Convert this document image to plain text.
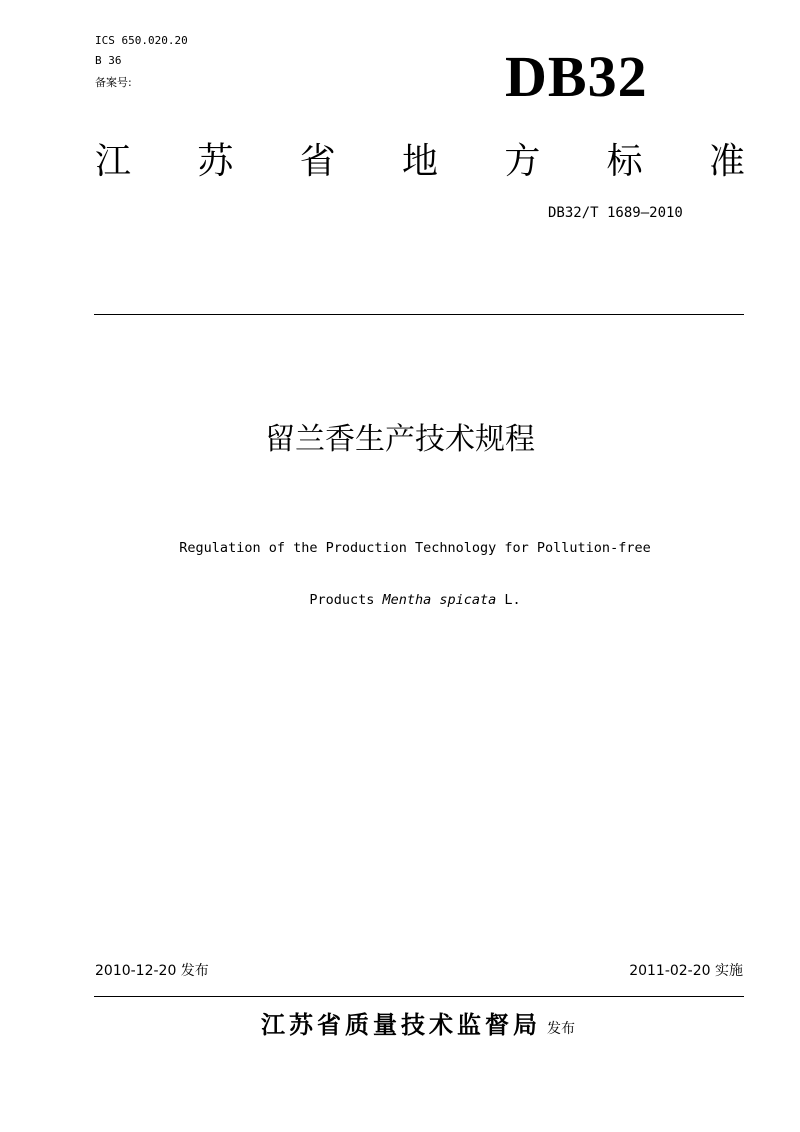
ICS 650.020.20
B 36
备案号:	DB32
江 苏 省 地 方 标 准
DB32/T 1689—2010
留兰香生产技术规程
Regulation of the Production Technology for Pollution-free
Products Mentha spicata L.
2010-12-20 发布	2011-02-20 实施
江苏省质量技术监督局 发布
